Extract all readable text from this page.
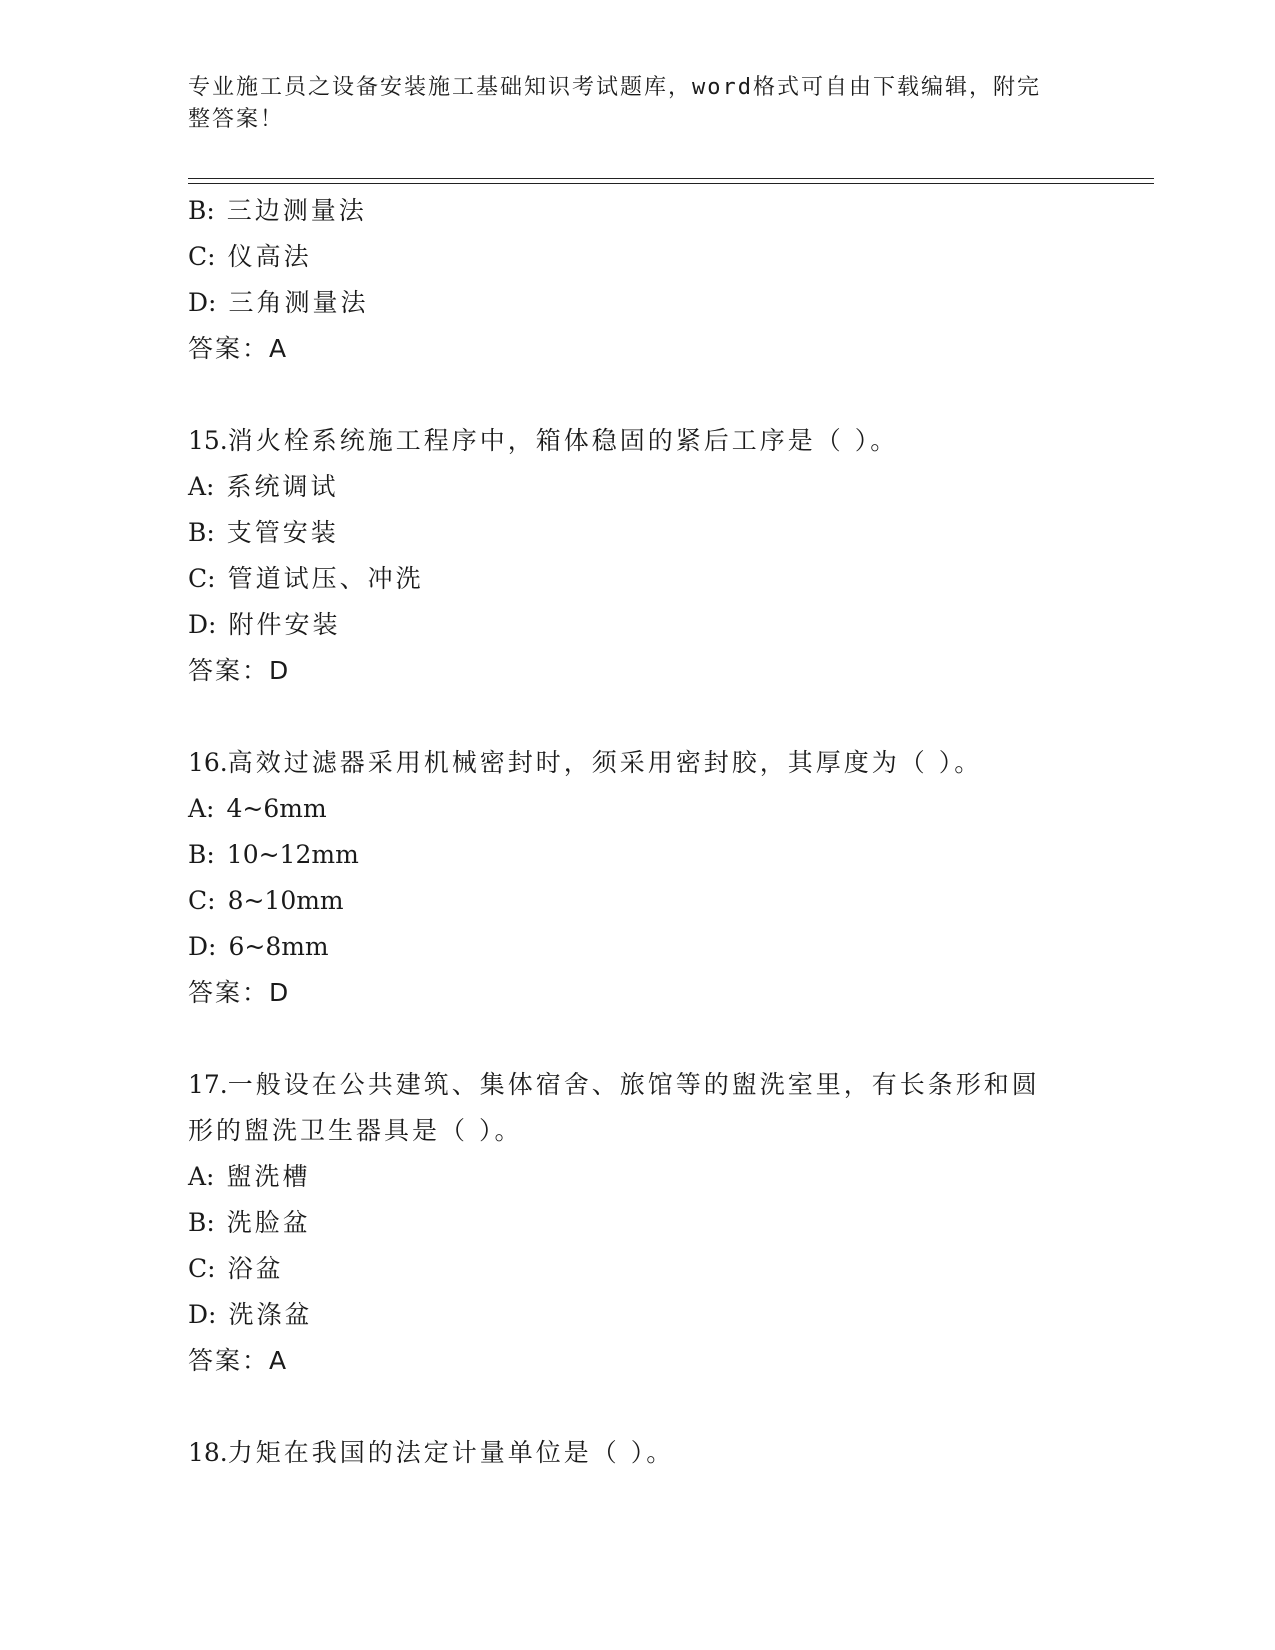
专业施工员之设备安装施工基础知识考试题库，word格式可自由下载编辑，附完
整答案！
B: 三边测量法
C: 仪高法
D: 三角测量法
答案：A
15.消火栓系统施工程序中，箱体稳固的紧后工序是（ ）。
A: 系统调试
B: 支管安装
C: 管道试压、冲洗
D: 附件安装
答案：D
16.高效过滤器采用机械密封时，须采用密封胶，其厚度为（ ）。
A: 4~6mm
B: 10~12mm
C: 8~10mm
D: 6~8mm
答案：D
17.一般设在公共建筑、集体宿舍、旅馆等的盥洗室里，有长条形和圆
形的盥洗卫生器具是（ ）。
A: 盥洗槽
B: 洗脸盆
C: 浴盆
D: 洗涤盆
答案：A
18.力矩在我国的法定计量单位是（ ）。
